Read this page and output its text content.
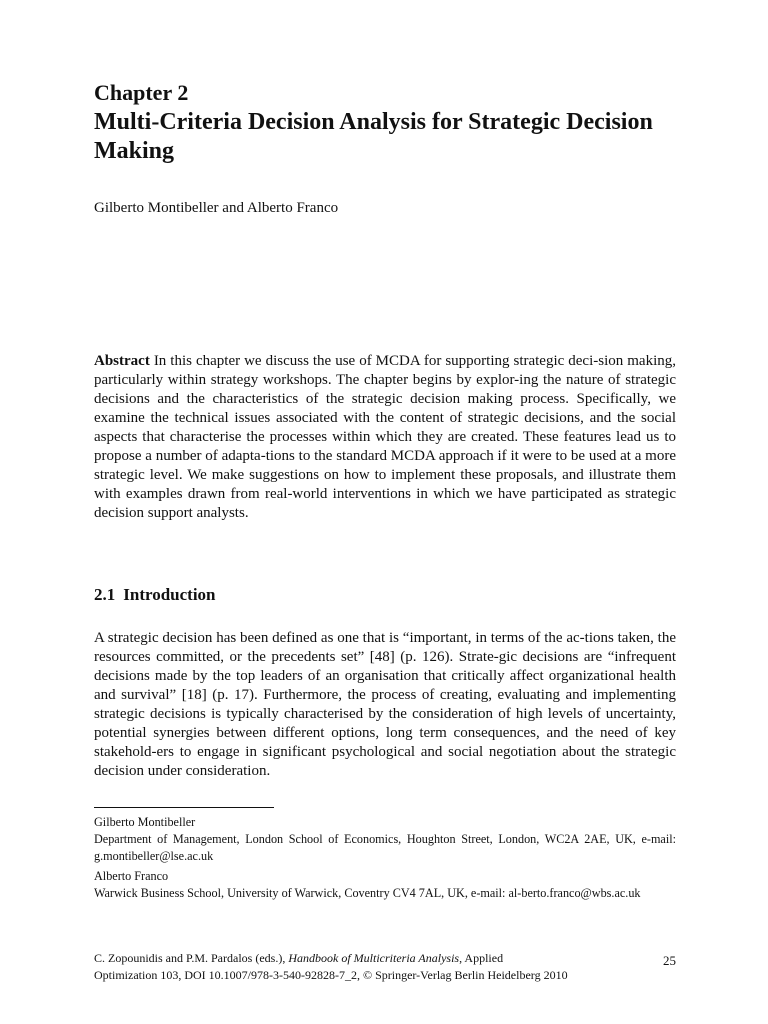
Chapter 2
Multi-Criteria Decision Analysis for Strategic Decision Making
Gilberto Montibeller and Alberto Franco
Abstract In this chapter we discuss the use of MCDA for supporting strategic deci-sion making, particularly within strategy workshops. The chapter begins by explor-ing the nature of strategic decisions and the characteristics of the strategic decision making process. Specifically, we examine the technical issues associated with the content of strategic decisions, and the social aspects that characterise the processes within which they are created. These features lead us to propose a number of adapta-tions to the standard MCDA approach if it were to be used at a more strategic level. We make suggestions on how to implement these proposals, and illustrate them with examples drawn from real-world interventions in which we have participated as strategic decision support analysts.
2.1 Introduction
A strategic decision has been defined as one that is “important, in terms of the ac-tions taken, the resources committed, or the precedents set” [48] (p. 126). Strate-gic decisions are “infrequent decisions made by the top leaders of an organisation that critically affect organizational health and survival” [18] (p. 17). Furthermore, the process of creating, evaluating and implementing strategic decisions is typically characterised by the consideration of high levels of uncertainty, potential synergies between different options, long term consequences, and the need of key stakehold-ers to engage in significant psychological and social negotiation about the strategic decision under consideration.
Gilberto Montibeller
Department of Management, London School of Economics, Houghton Street, London, WC2A 2AE, UK, e-mail: g.montibeller@lse.ac.uk
Alberto Franco
Warwick Business School, University of Warwick, Coventry CV4 7AL, UK, e-mail: al-berto.franco@wbs.ac.uk
C. Zopounidis and P.M. Pardalos (eds.), Handbook of Multicriteria Analysis, Applied
Optimization 103, DOI 10.1007/978-3-540-92828-7_2, © Springer-Verlag Berlin Heidelberg 2010
25
